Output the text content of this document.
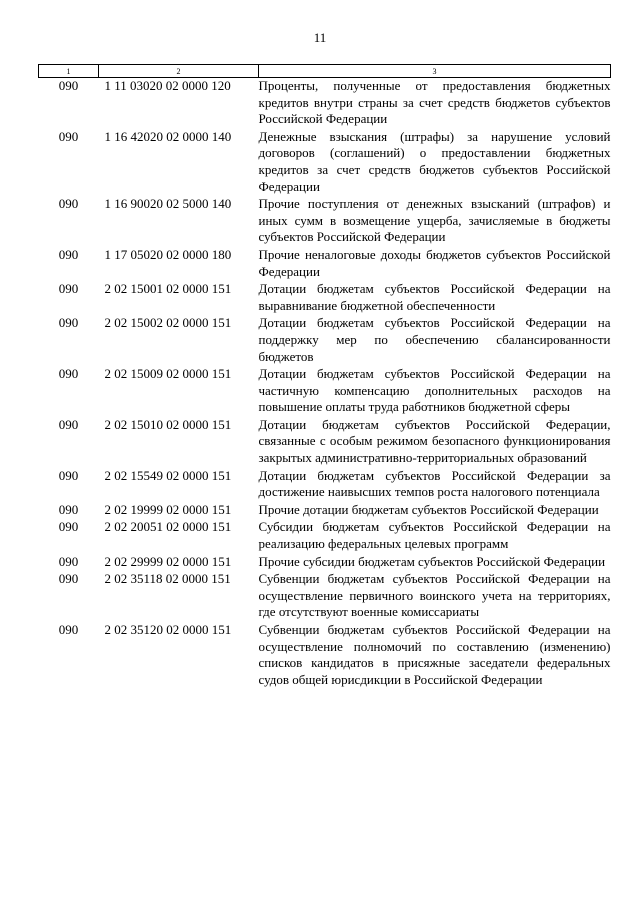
11
1	2	3
090	1 11 03020 02 0000 120	Проценты, полученные от предоставления бюджетных кредитов внутри страны за счет средств бюджетов субъектов Российской Федерации
090	1 16 42020 02 0000 140	Денежные взыскания (штрафы) за нарушение условий договоров (соглашений) о предоставлении бюджетных кредитов за счет средств бюджетов субъектов Российской Федерации
090	1 16 90020 02 5000 140	Прочие поступления от денежных взысканий (штрафов) и иных сумм в возмещение ущерба, зачисляемые в бюджеты субъектов Российской Федерации
090	1 17 05020 02 0000 180	Прочие неналоговые доходы бюджетов субъектов Российской Федерации
090	2 02 15001 02 0000 151	Дотации бюджетам субъектов Российской Федерации на выравнивание бюджетной обеспеченности
090	2 02 15002 02 0000 151	Дотации бюджетам субъектов Российской Федерации на поддержку мер по обеспечению сбалансированности бюджетов
090	2 02 15009 02 0000 151	Дотации бюджетам субъектов Российской Федерации на частичную компенсацию дополнительных расходов на повышение оплаты труда работников бюджетной сферы
090	2 02 15010 02 0000 151	Дотации бюджетам субъектов Российской Федерации, связанные с особым режимом безопасного функционирования закрытых административно-территориальных образований
090	2 02 15549 02 0000 151	Дотации бюджетам субъектов Российской Федерации за достижение наивысших темпов роста налогового потенциала
090	2 02 19999 02 0000 151	Прочие дотации бюджетам субъектов Российской Федерации
090	2 02 20051 02 0000 151	Субсидии бюджетам субъектов Российской Федерации на реализацию федеральных целевых программ
090	2 02 29999 02 0000 151	Прочие субсидии бюджетам субъектов Российской Федерации
090	2 02 35118 02 0000 151	Субвенции бюджетам субъектов Российской Федерации на осуществление первичного воинского учета на территориях, где отсутствуют военные комиссариаты
090	2 02 35120 02 0000 151	Субвенции бюджетам субъектов Российской Федерации на осуществление полномочий по составлению (изменению) списков кандидатов в присяжные заседатели федеральных судов общей юрисдикции в Российской Федерации
